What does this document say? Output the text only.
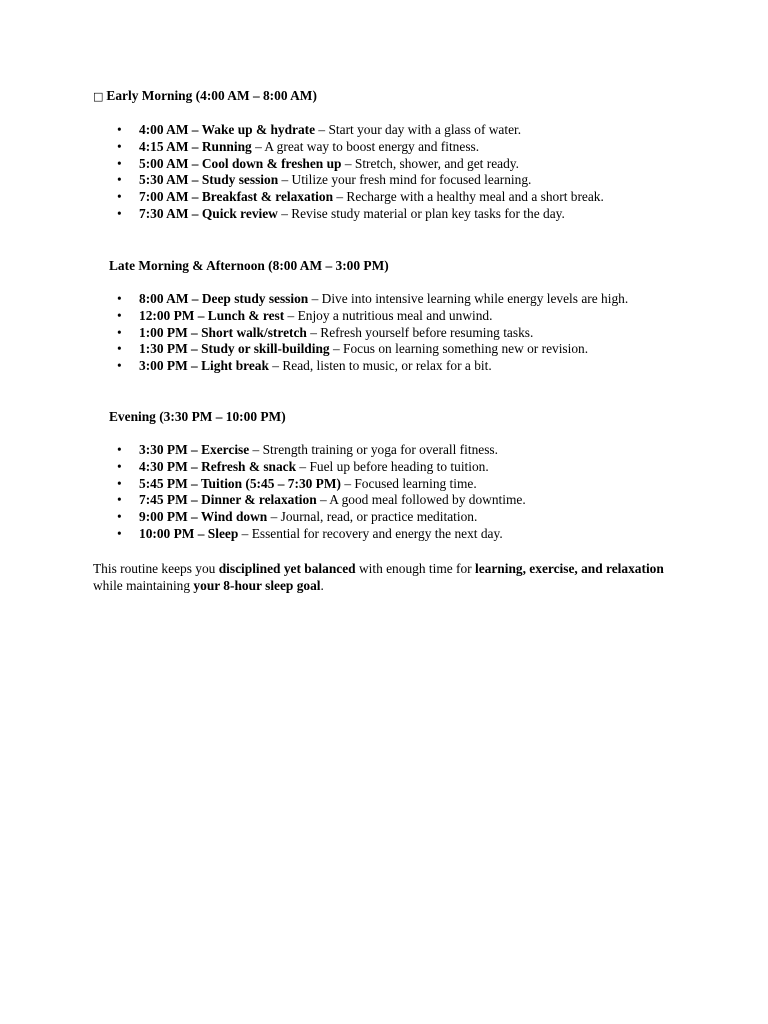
□ Early Morning (4:00 AM – 8:00 AM)
• 4:00 AM – Wake up & hydrate – Start your day with a glass of water.
• 4:15 AM – Running – A great way to boost energy and fitness.
• 5:00 AM – Cool down & freshen up – Stretch, shower, and get ready.
• 5:30 AM – Study session – Utilize your fresh mind for focused learning.
• 7:00 AM – Breakfast & relaxation – Recharge with a healthy meal and a short break.
• 7:30 AM – Quick review – Revise study material or plan key tasks for the day.
Late Morning & Afternoon (8:00 AM – 3:00 PM)
• 8:00 AM – Deep study session – Dive into intensive learning while energy levels are high.
• 12:00 PM – Lunch & rest – Enjoy a nutritious meal and unwind.
• 1:00 PM – Short walk/stretch – Refresh yourself before resuming tasks.
• 1:30 PM – Study or skill-building – Focus on learning something new or revision.
• 3:00 PM – Light break – Read, listen to music, or relax for a bit.
Evening (3:30 PM – 10:00 PM)
• 3:30 PM – Exercise – Strength training or yoga for overall fitness.
• 4:30 PM – Refresh & snack – Fuel up before heading to tuition.
• 5:45 PM – Tuition (5:45 – 7:30 PM) – Focused learning time.
• 7:45 PM – Dinner & relaxation – A good meal followed by downtime.
• 9:00 PM – Wind down – Journal, read, or practice meditation.
• 10:00 PM – Sleep – Essential for recovery and energy the next day.

This routine keeps you disciplined yet balanced with enough time for learning, exercise, and relaxation while maintaining your 8-hour sleep goal.
